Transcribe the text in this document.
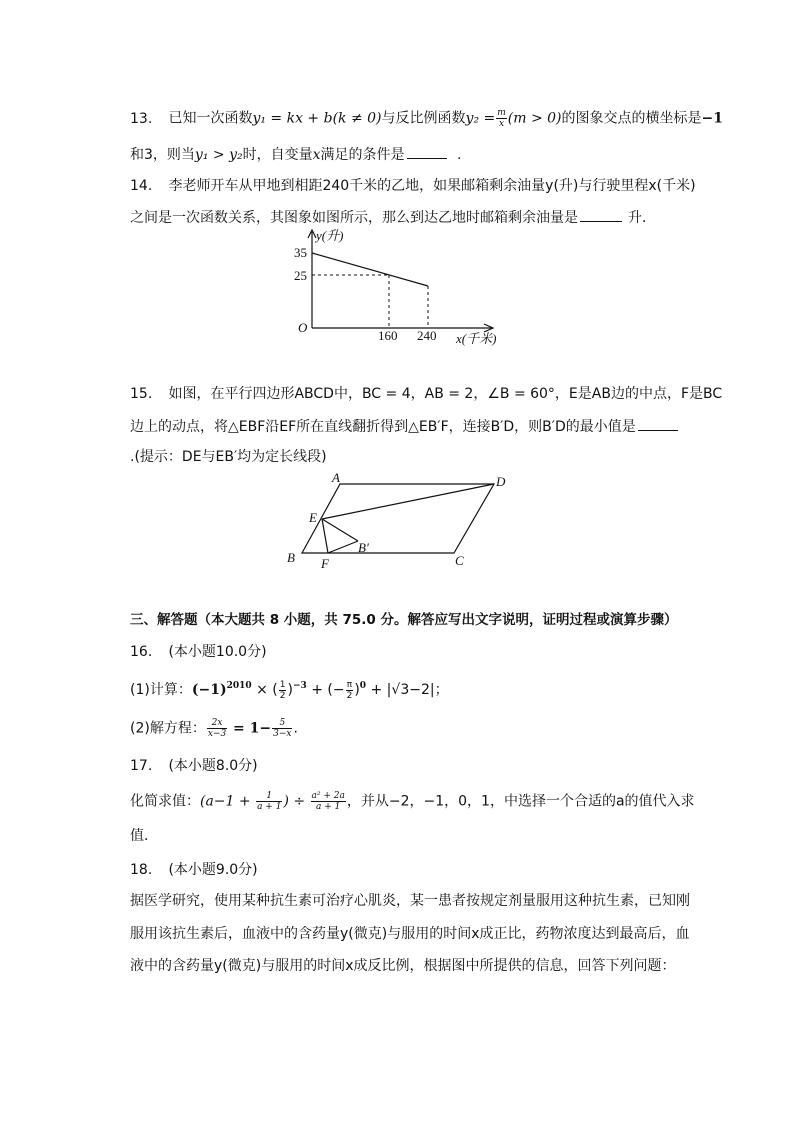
13. 已知一次函数y₁ = kx + b(k ≠ 0)与反比例函数$y_2 = \frac{m}{x} (m > 0)$的图象交点的横坐标是−1
和3，则当y₁ > y₂时，自变量x满足的条件是	.
14. 李老师开车从甲地到相距240千米的乙地，如果邮箱剩余油量y(升)与行驶里程x(千米)
之间是一次函数关系，其图象如图所示，那么到达乙地时邮箱剩余油量是	升．
y(升)
35
25
O
160 240 x(千米)
15. 如图，在平行四边形ABCD中，BC = 4，AB = 2，∠B = 60°，E是AB边的中点，F是BC
边上的动点，将△EBF沿EF所在直线翻折得到△EB′F，连接B′D，则B′D的最小值是
.(提示：DE与EB′均为定长线段)
A	D
E
B′
B F	C
三、解答题（本大题共 8 小题，共 75.0 分。解答应写出文字说明，证明过程或演算步骤）
16. (本小题10.0分)
(1)计算：$(-1)^{2010}$ × ( $\frac{1}{2} )^{-3}$ + (− $\frac{\pi}{2} )^0 + |√3-2|$；
(2)解方程： $\frac{2x}{x-3} = 1- \frac{5}{3-x}$ .
17. (本小题8.0分)
化简求值：($a-1 + \frac{1}{a + 1}$ ) ÷ $\frac{\text{a² + 2a}}{a + 1}$ ，并从−2，−1，0，1，中选择一个合适的a的值代入求
值．
18. (本小题9.0分)
据医学研究，使用某种抗生素可治疗心肌炎，某一患者按规定剂量服用这种抗生素，已知刚
服用该抗生素后，血液中的含药量y(微克)与服用的时间x成正比，药物浓度达到最高后，血
液中的含药量y(微克)与服用的时间x成反比例，根据图中所提供的信息，回答下列问题：
